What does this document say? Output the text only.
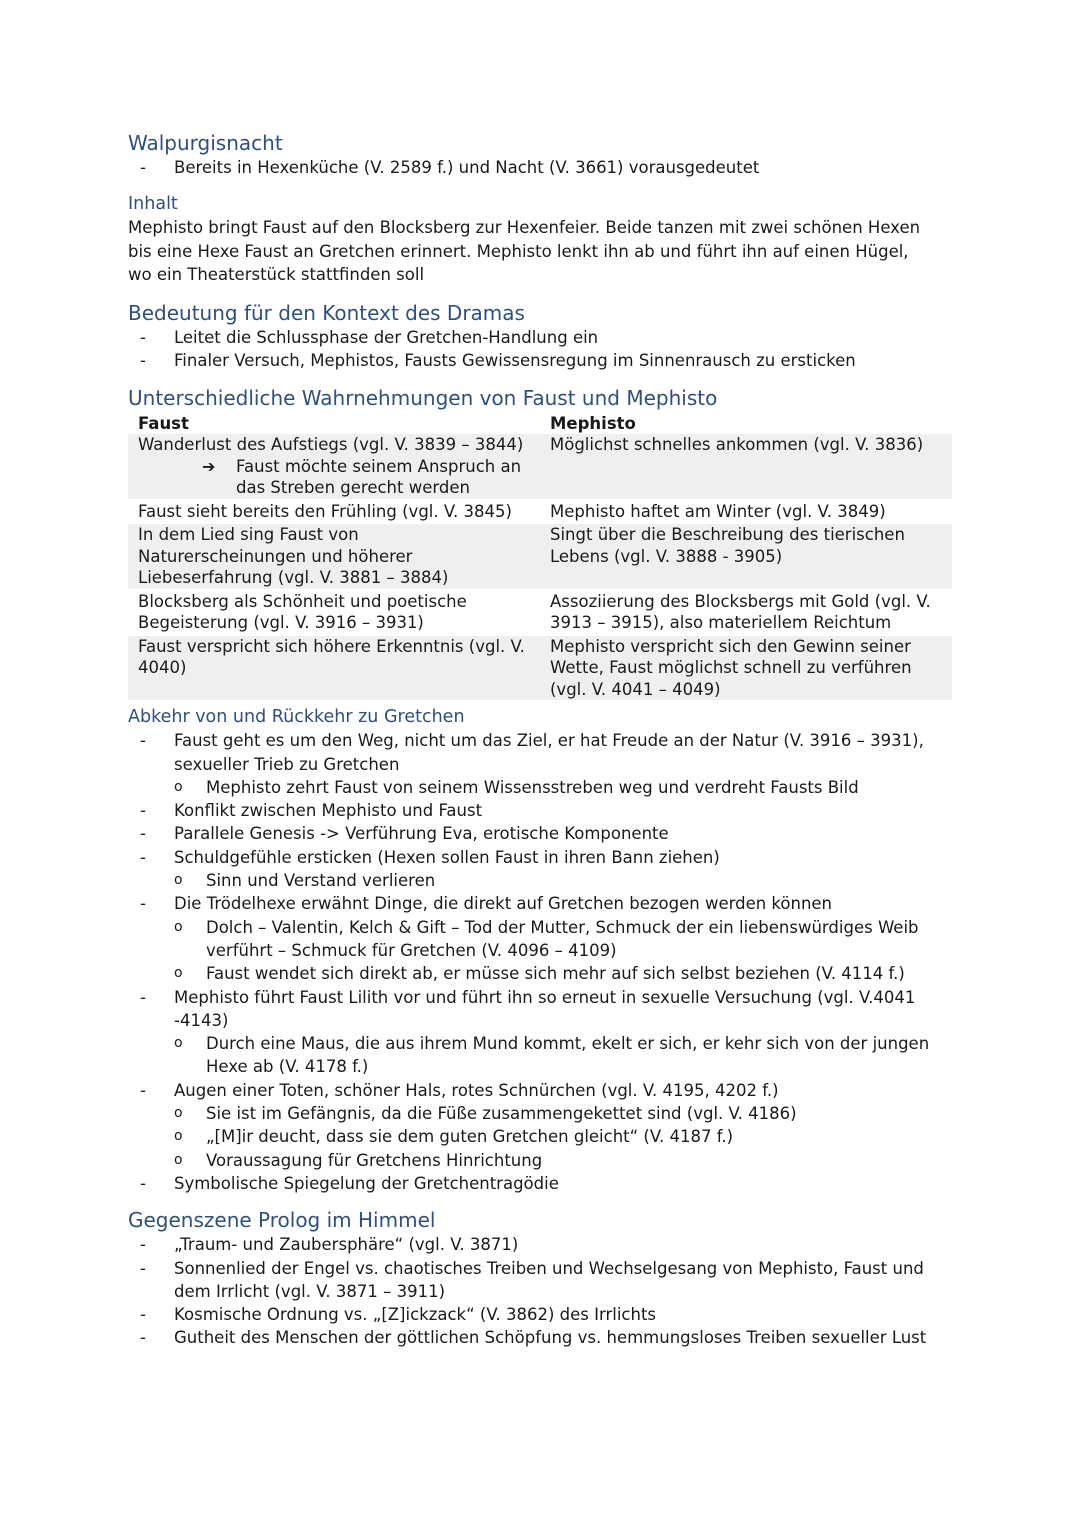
Walpurgisnacht
- Bereits in Hexenküche (V. 2589 f.) und Nacht (V. 3661) vorausgedeutet
Inhalt

Mephisto bringt Faust auf den Blocksberg zur Hexenfeier. Beide tanzen mit zwei schönen Hexen
bis eine Hexe Faust an Gretchen erinnert. Mephisto lenkt ihn ab und führt ihn auf einen Hügel,
wo ein Theaterstück stattfinden soll

Bedeutung für den Kontext des Dramas
- Leitet die Schlussphase der Gretchen-Handlung ein
- Finaler Versuch, Mephistos, Fausts Gewissensregung im Sinnenrausch zu ersticken
Unterschiedliche Wahrnehmungen von Faust und Mephisto
Faust	Mephisto

Wanderlust des Aufstiegs (vgl. V. 3839 – 3844)
➔ Faust möchte seinem Anspruch an das Streben gerecht werden	Möglichst schnelles ankommen (vgl. V. 3836)
Faust sieht bereits den Frühling (vgl. V. 3845)	Mephisto haftet am Winter (vgl. V. 3849)
In dem Lied sing Faust von Naturerscheinungen und höherer Liebeserfahrung (vgl. V. 3881 – 3884)	Singt über die Beschreibung des tierischen Lebens (vgl. V. 3888 - 3905)
Blocksberg als Schönheit und poetische Begeisterung (vgl. V. 3916 – 3931)	Assoziierung des Blocksbergs mit Gold (vgl. V. 3913 – 3915), also materiellem Reichtum
Faust verspricht sich höhere Erkenntnis (vgl. V. 4040)	Mephisto verspricht sich den Gewinn seiner Wette, Faust möglichst schnell zu verführen (vgl. V. 4041 – 4049)
Abkehr von und Rückkehr zu Gretchen
- Faust geht es um den Weg, nicht um das Ziel, er hat Freude an der Natur (V. 3916 – 3931), sexueller Trieb zu Gretchen
o Mephisto zehrt Faust von seinem Wissensstreben weg und verdreht Fausts Bild
- Konflikt zwischen Mephisto und Faust
- Parallele Genesis -> Verführung Eva, erotische Komponente
- Schuldgefühle ersticken (Hexen sollen Faust in ihren Bann ziehen)
o Sinn und Verstand verlieren
- Die Trödelhexe erwähnt Dinge, die direkt auf Gretchen bezogen werden können
o Dolch – Valentin, Kelch & Gift – Tod der Mutter, Schmuck der ein liebenswürdiges Weib verführt – Schmuck für Gretchen (V. 4096 – 4109)
o Faust wendet sich direkt ab, er müsse sich mehr auf sich selbst beziehen (V. 4114 f.)
- Mephisto führt Faust Lilith vor und führt ihn so erneut in sexuelle Versuchung (vgl. V.4041 -4143)
o Durch eine Maus, die aus ihrem Mund kommt, ekelt er sich, er kehr sich von der jungen Hexe ab (V. 4178 f.)
- Augen einer Toten, schöner Hals, rotes Schnürchen (vgl. V. 4195, 4202 f.)
o Sie ist im Gefängnis, da die Füße zusammengekettet sind (vgl. V. 4186)
o „[M]ir deucht, dass sie dem guten Gretchen gleicht“ (V. 4187 f.)
o Voraussagung für Gretchens Hinrichtung
- Symbolische Spiegelung der Gretchentragödie
Gegenszene Prolog im Himmel
- „Traum- und Zaubersphäre“ (vgl. V. 3871)
- Sonnenlied der Engel vs. chaotisches Treiben und Wechselgesang von Mephisto, Faust und dem Irrlicht (vgl. V. 3871 – 3911)
- Kosmische Ordnung vs. „[Z]ickzack“ (V. 3862) des Irrlichts
- Gutheit des Menschen der göttlichen Schöpfung vs. hemmungsloses Treiben sexueller Lust
